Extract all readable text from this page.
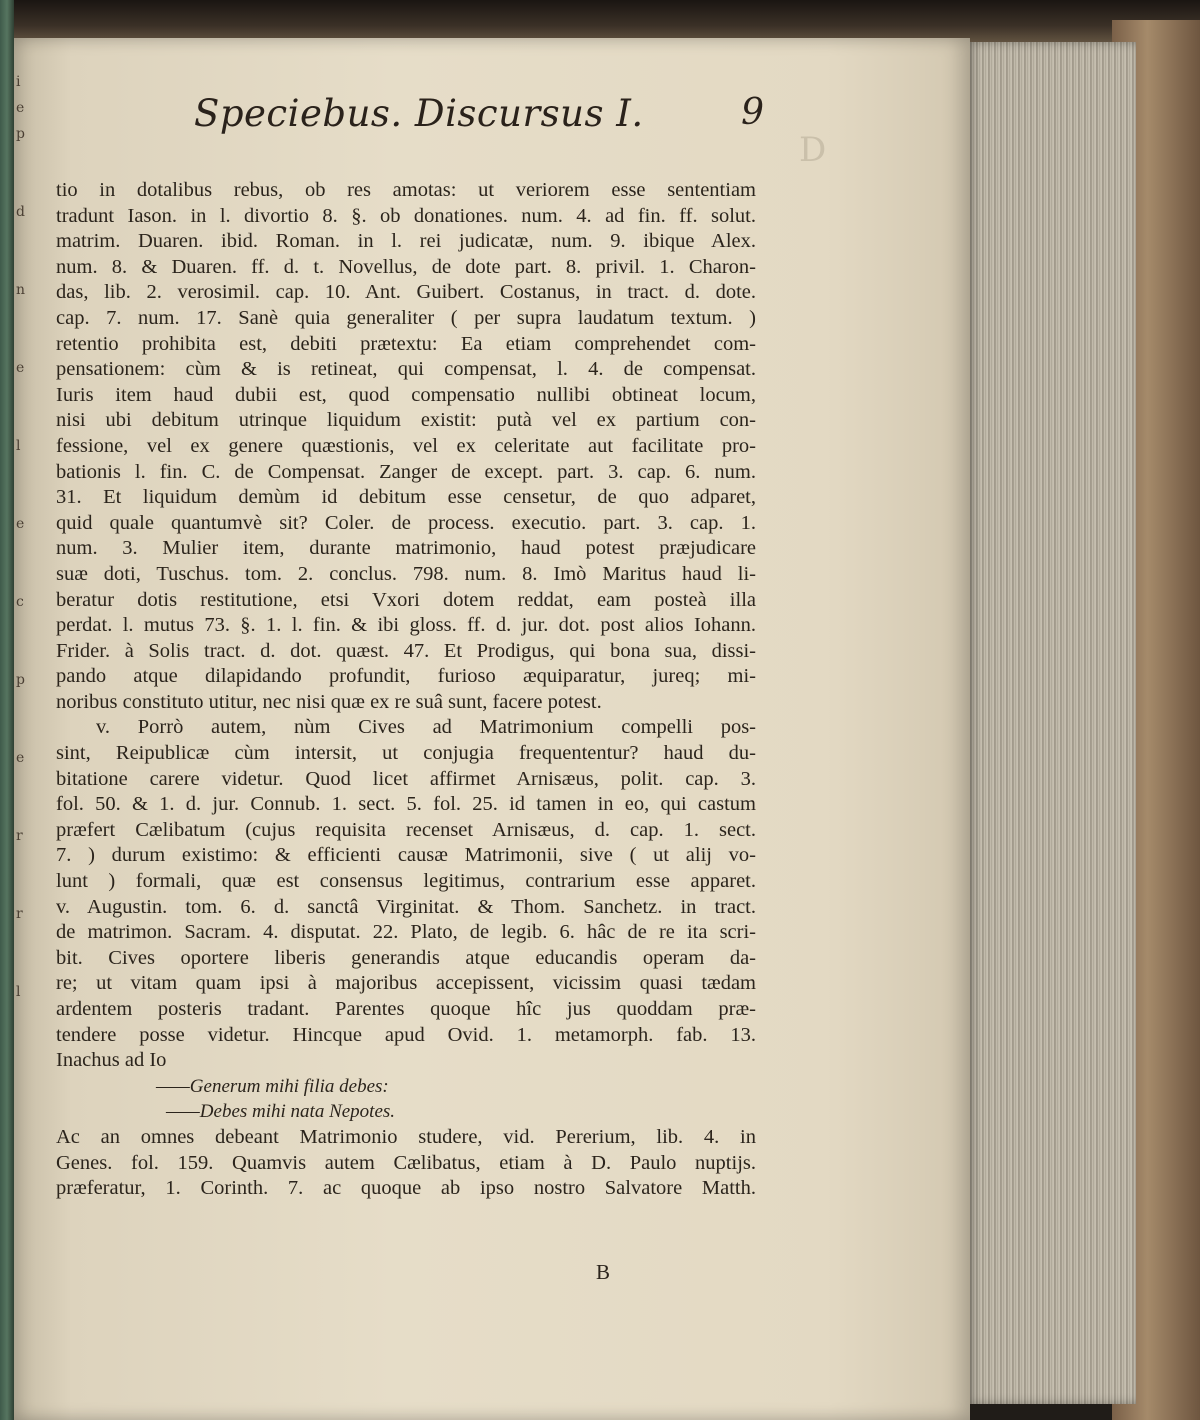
i
e
p
d
n
e
l
e
c
p
e
r
r
l
D
Speciebus. Discursus I.	9
tio in dotalibus rebus, ob res amotas: ut veriorem esse sententiam
tradunt Iason. in l. divortio 8. §. ob donationes. num. 4. ad fin. ff. solut.
matrim. Duaren. ibid. Roman. in l. rei judicatæ, num. 9. ibique Alex.
num. 8. & Duaren. ff. d. t. Novellus, de dote part. 8. privil. 1. Charon-
das, lib. 2. verosimil. cap. 10. Ant. Guibert. Costanus, in tract. d. dote.
cap. 7. num. 17. Sanè quia generaliter ( per supra laudatum textum. )
retentio prohibita est, debiti prætextu: Ea etiam comprehendet com-
pensationem: cùm & is retineat, qui compensat, l. 4. de compensat.
Iuris item haud dubii est, quod compensatio nullibi obtineat locum,
nisi ubi debitum utrinque liquidum existit: putà vel ex partium con-
fessione, vel ex genere quæstionis, vel ex celeritate aut facilitate pro-
bationis l. fin. C. de Compensat. Zanger de except. part. 3. cap. 6. num.
31. Et liquidum demùm id debitum esse censetur, de quo adparet,
quid quale quantumvè sit? Coler. de process. executio. part. 3. cap. 1.
num. 3. Mulier item, durante matrimonio, haud potest præjudicare
suæ doti, Tuschus. tom. 2. conclus. 798. num. 8. Imò Maritus haud li-
beratur dotis restitutione, etsi Vxori dotem reddat, eam posteà illa
perdat. l. mutus 73. §. 1. l. fin. & ibi gloss. ff. d. jur. dot. post alios Iohann.
Frider. à Solis tract. d. dot. quæst. 47. Et Prodigus, qui bona sua, dissi-
pando atque dilapidando profundit, furioso æquiparatur, jureq; mi-
noribus constituto utitur, nec nisi quæ ex re suâ sunt, facere potest.
v. Porrò autem, nùm Cives ad Matrimonium compelli pos-
sint, Reipublicæ cùm intersit, ut conjugia frequententur? haud du-
bitatione carere videtur. Quod licet affirmet Arnisæus, polit. cap. 3.
fol. 50. & 1. d. jur. Connub. 1. sect. 5. fol. 25. id tamen in eo, qui castum
præfert Cælibatum (cujus requisita recenset Arnisæus, d. cap. 1. sect.
7. ) durum existimo: & efficienti causæ Matrimonii, sive ( ut alij vo-
lunt ) formali, quæ est consensus legitimus, contrarium esse apparet.
v. Augustin. tom. 6. d. sanctâ Virginitat. & Thom. Sanchetz. in tract.
de matrimon. Sacram. 4. disputat. 22. Plato, de legib. 6. hâc de re ita scri-
bit. Cives oportere liberis generandis atque educandis operam da-
re; ut vitam quam ipsi à majoribus accepissent, vicissim quasi tædam
ardentem posteris tradant. Parentes quoque hîc jus quoddam præ-
tendere posse videtur. Hincque apud Ovid. 1. metamorph. fab. 13.
Inachus ad Io
——Generum mihi filia debes:
——Debes mihi nata Nepotes.
Ac an omnes debeant Matrimonio studere, vid. Pererium, lib. 4. in
Genes. fol. 159. Quamvis autem Cælibatus, etiam à D. Paulo nuptijs.
præferatur, 1. Corinth. 7. ac quoque ab ipso nostro Salvatore Matth.
B
